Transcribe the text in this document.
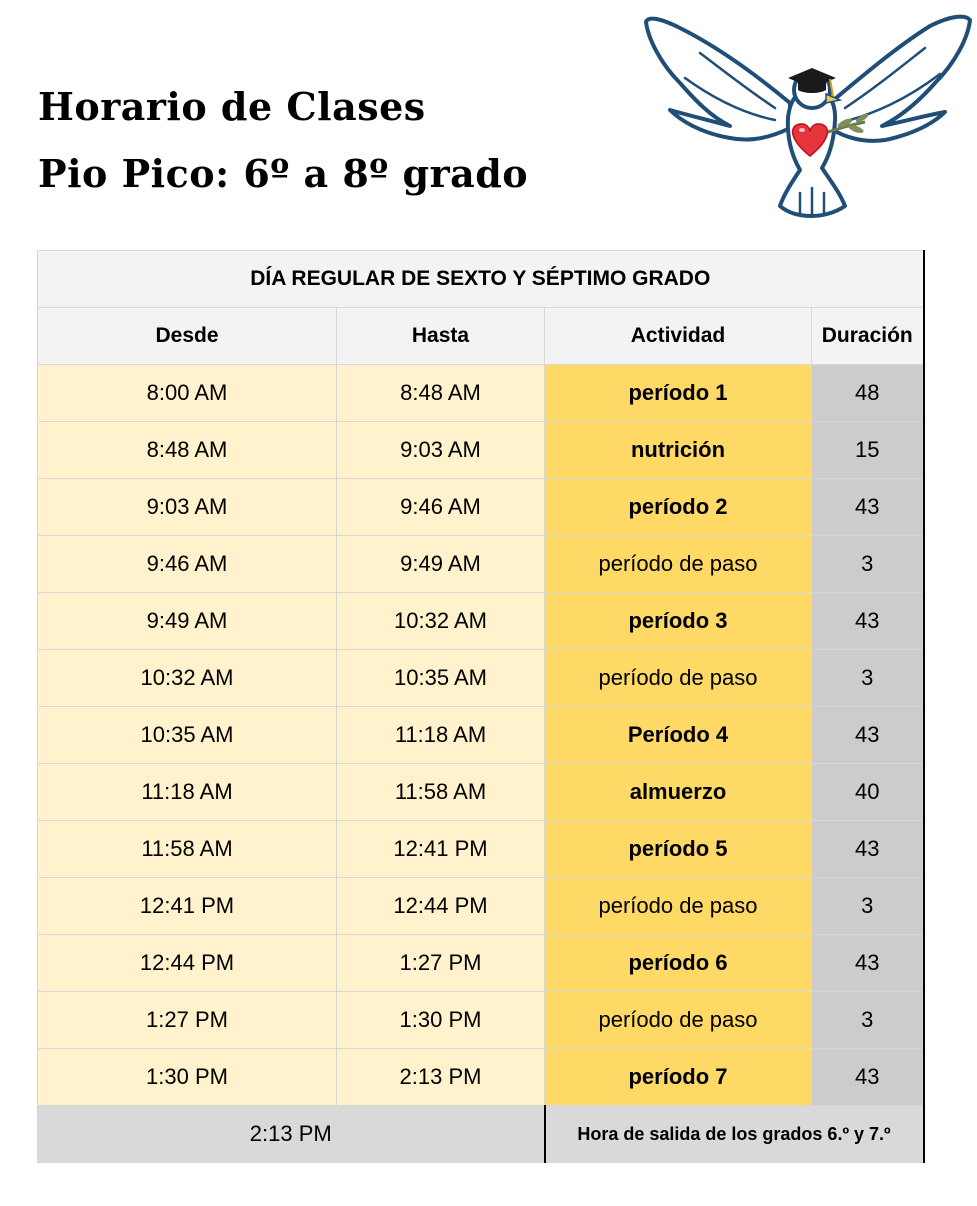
Horario de Clases
Pio Pico: 6º a 8º grado
DÍA REGULAR DE SEXTO Y SÉPTIMO GRADO			
Desde	Hasta	Actividad	Duración
8:00 AM	8:48 AM	período 1	48
8:48 AM	9:03 AM	nutrición	15
9:03 AM	9:46 AM	período 2	43
9:46 AM	9:49 AM	período de paso	3
9:49 AM	10:32 AM	período 3	43
10:32 AM	10:35 AM	período de paso	3
10:35 AM	11:18 AM	Período 4	43
11:18 AM	11:58 AM	almuerzo	40
11:58 AM	12:41 PM	período 5	43
12:41 PM	12:44 PM	período de paso	3
12:44 PM	1:27 PM	período 6	43
1:27 PM	1:30 PM	período de paso	3
1:30 PM	2:13 PM	período 7	43
2:13 PM		Hora de salida de los grados 6.º y 7.º	
